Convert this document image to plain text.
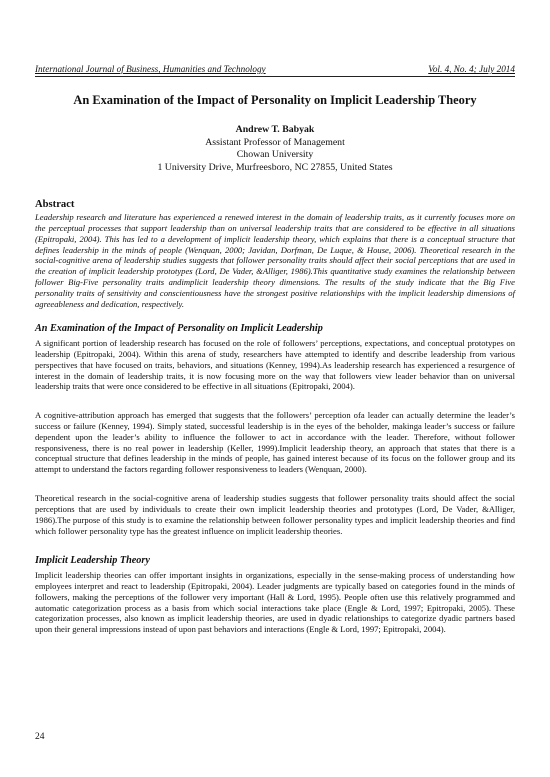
International Journal of Business, Humanities and Technology	Vol. 4, No. 4; July 2014

An Examination of the Impact of Personality on Implicit Leadership Theory
Andrew T. Babyak
Assistant Professor of Management
Chowan University
1 University Drive, Murfreesboro, NC 27855, United States
Abstract

Leadership research and literature has experienced a renewed interest in the domain of leadership traits, as it currently focuses more on the perceptual processes that support leadership than on universal leadership traits that are considered to be effective in all situations (Epitropaki, 2004). This has led to a development of implicit leadership theory, which explains that there is a conceptual structure that defines leadership in the minds of people (Wenquan, 2000; Javidan, Dorfman, De Luque, & House, 2006). Theoretical research in the social-cognitive arena of leadership studies suggests that follower personality traits should affect their social perceptions that are used in the creation of implicit leadership prototypes (Lord, De Vader, &Alliger, 1986).This quantitative study examines the relationship between follower Big-Five personality traits andimplicit leadership theory dimensions. The results of the study indicate that the Big Five personality traits of sensitivity and conscientiousness have the strongest positive relationships with the implicit leadership dimensions of agreeableness and dedication, respectively.

An Examination of the Impact of Personality on Implicit Leadership

A significant portion of leadership research has focused on the role of followers’ perceptions, expectations, and conceptual prototypes on leadership (Epitropaki, 2004). Within this arena of study, researchers have attempted to identify and describe leadership from various perspectives that have focused on traits, behaviors, and situations (Kenney, 1994).As leadership research has experienced a resurgence of interest in the domain of leadership traits, it is now focusing more on the way that followers view leader behavior than on universal leadership traits that were once considered to be effective in all situations (Epitropaki, 2004).

A cognitive-attribution approach has emerged that suggests that the followers’ perception ofa leader can actually determine the leader’s success or failure (Kenney, 1994). Simply stated, successful leadership is in the eyes of the beholder, makinga leader’s success or failure dependent upon the leader’s ability to influence the follower to act in accordance with the leader. Therefore, without follower responsiveness, there is no real power in leadership (Keller, 1999).Implicit leadership theory, an approach that states that there is a conceptual structure that defines leadership in the minds of people, has gained interest because of its focus on the follower group and its attempt to understand the factors regarding follower responsiveness to leaders (Wenquan, 2000).

Theoretical research in the social-cognitive arena of leadership studies suggests that follower personality traits should affect the social perceptions that are used by individuals to create their own implicit leadership theories and prototypes (Lord, De Vader, &Alliger, 1986).The purpose of this study is to examine the relationship between follower personality types and implicit leadership theories and find which follower personality type has the greatest influence on implicit leadership theories.

Implicit Leadership Theory

Implicit leadership theories can offer important insights in organizations, especially in the sense-making process of understanding how employees interpret and react to leadership (Epitropaki, 2004). Leader judgments are typically based on categories found in the minds of followers, making the perceptions of the follower very important (Hall & Lord, 1995). People often use this relatively programmed and automatic categorization process as a basis from which social interactions take place (Engle & Lord, 1997; Epitropaki, 2005). These categorization processes, also known as implicit leadership theories, are used in dyadic relationships to categorize dyadic partners based upon their general impressions instead of upon past behaviors and interactions (Engle & Lord, 1997; Epitropaki, 2004).

24
